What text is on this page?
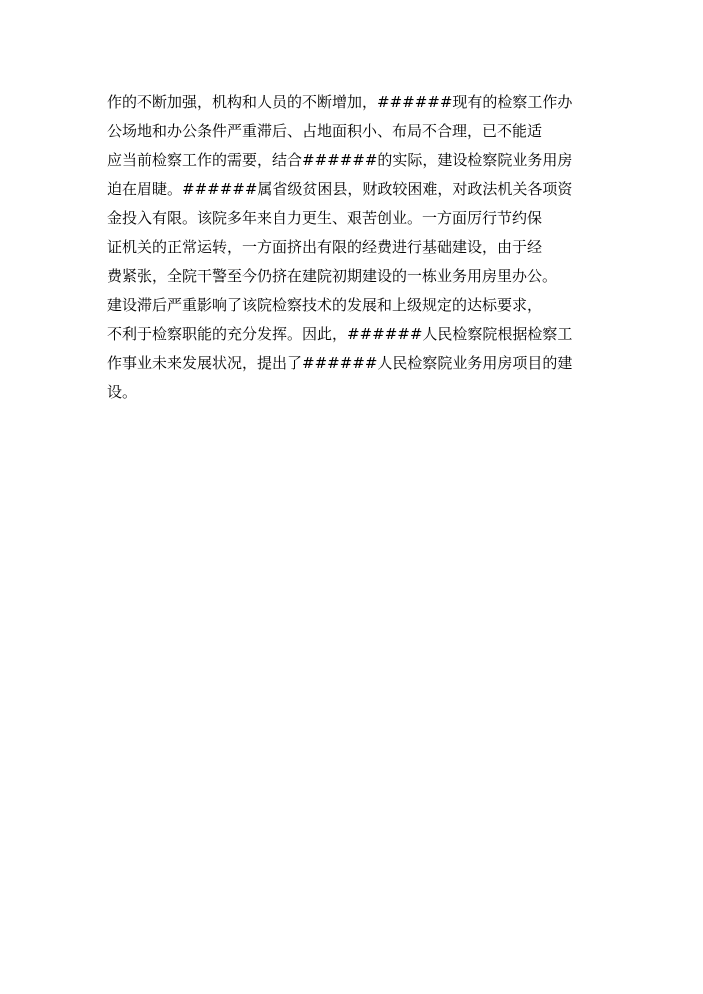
作的不断加强，机构和人员的不断增加，######现有的检察工作办
公场地和办公条件严重滞后、占地面积小、布局不合理，已不能适
应当前检察工作的需要，结合######的实际，建设检察院业务用房
迫在眉睫。######属省级贫困县，财政较困难，对政法机关各项资
金投入有限。该院多年来自力更生、艰苦创业。一方面厉行节约保
证机关的正常运转，一方面挤出有限的经费进行基础建设，由于经
费紧张，全院干警至今仍挤在建院初期建设的一栋业务用房里办公。
建设滞后严重影响了该院检察技术的发展和上级规定的达标要求，
不利于检察职能的充分发挥。因此，######人民检察院根据检察工
作事业未来发展状况，提出了######人民检察院业务用房项目的建
设。
